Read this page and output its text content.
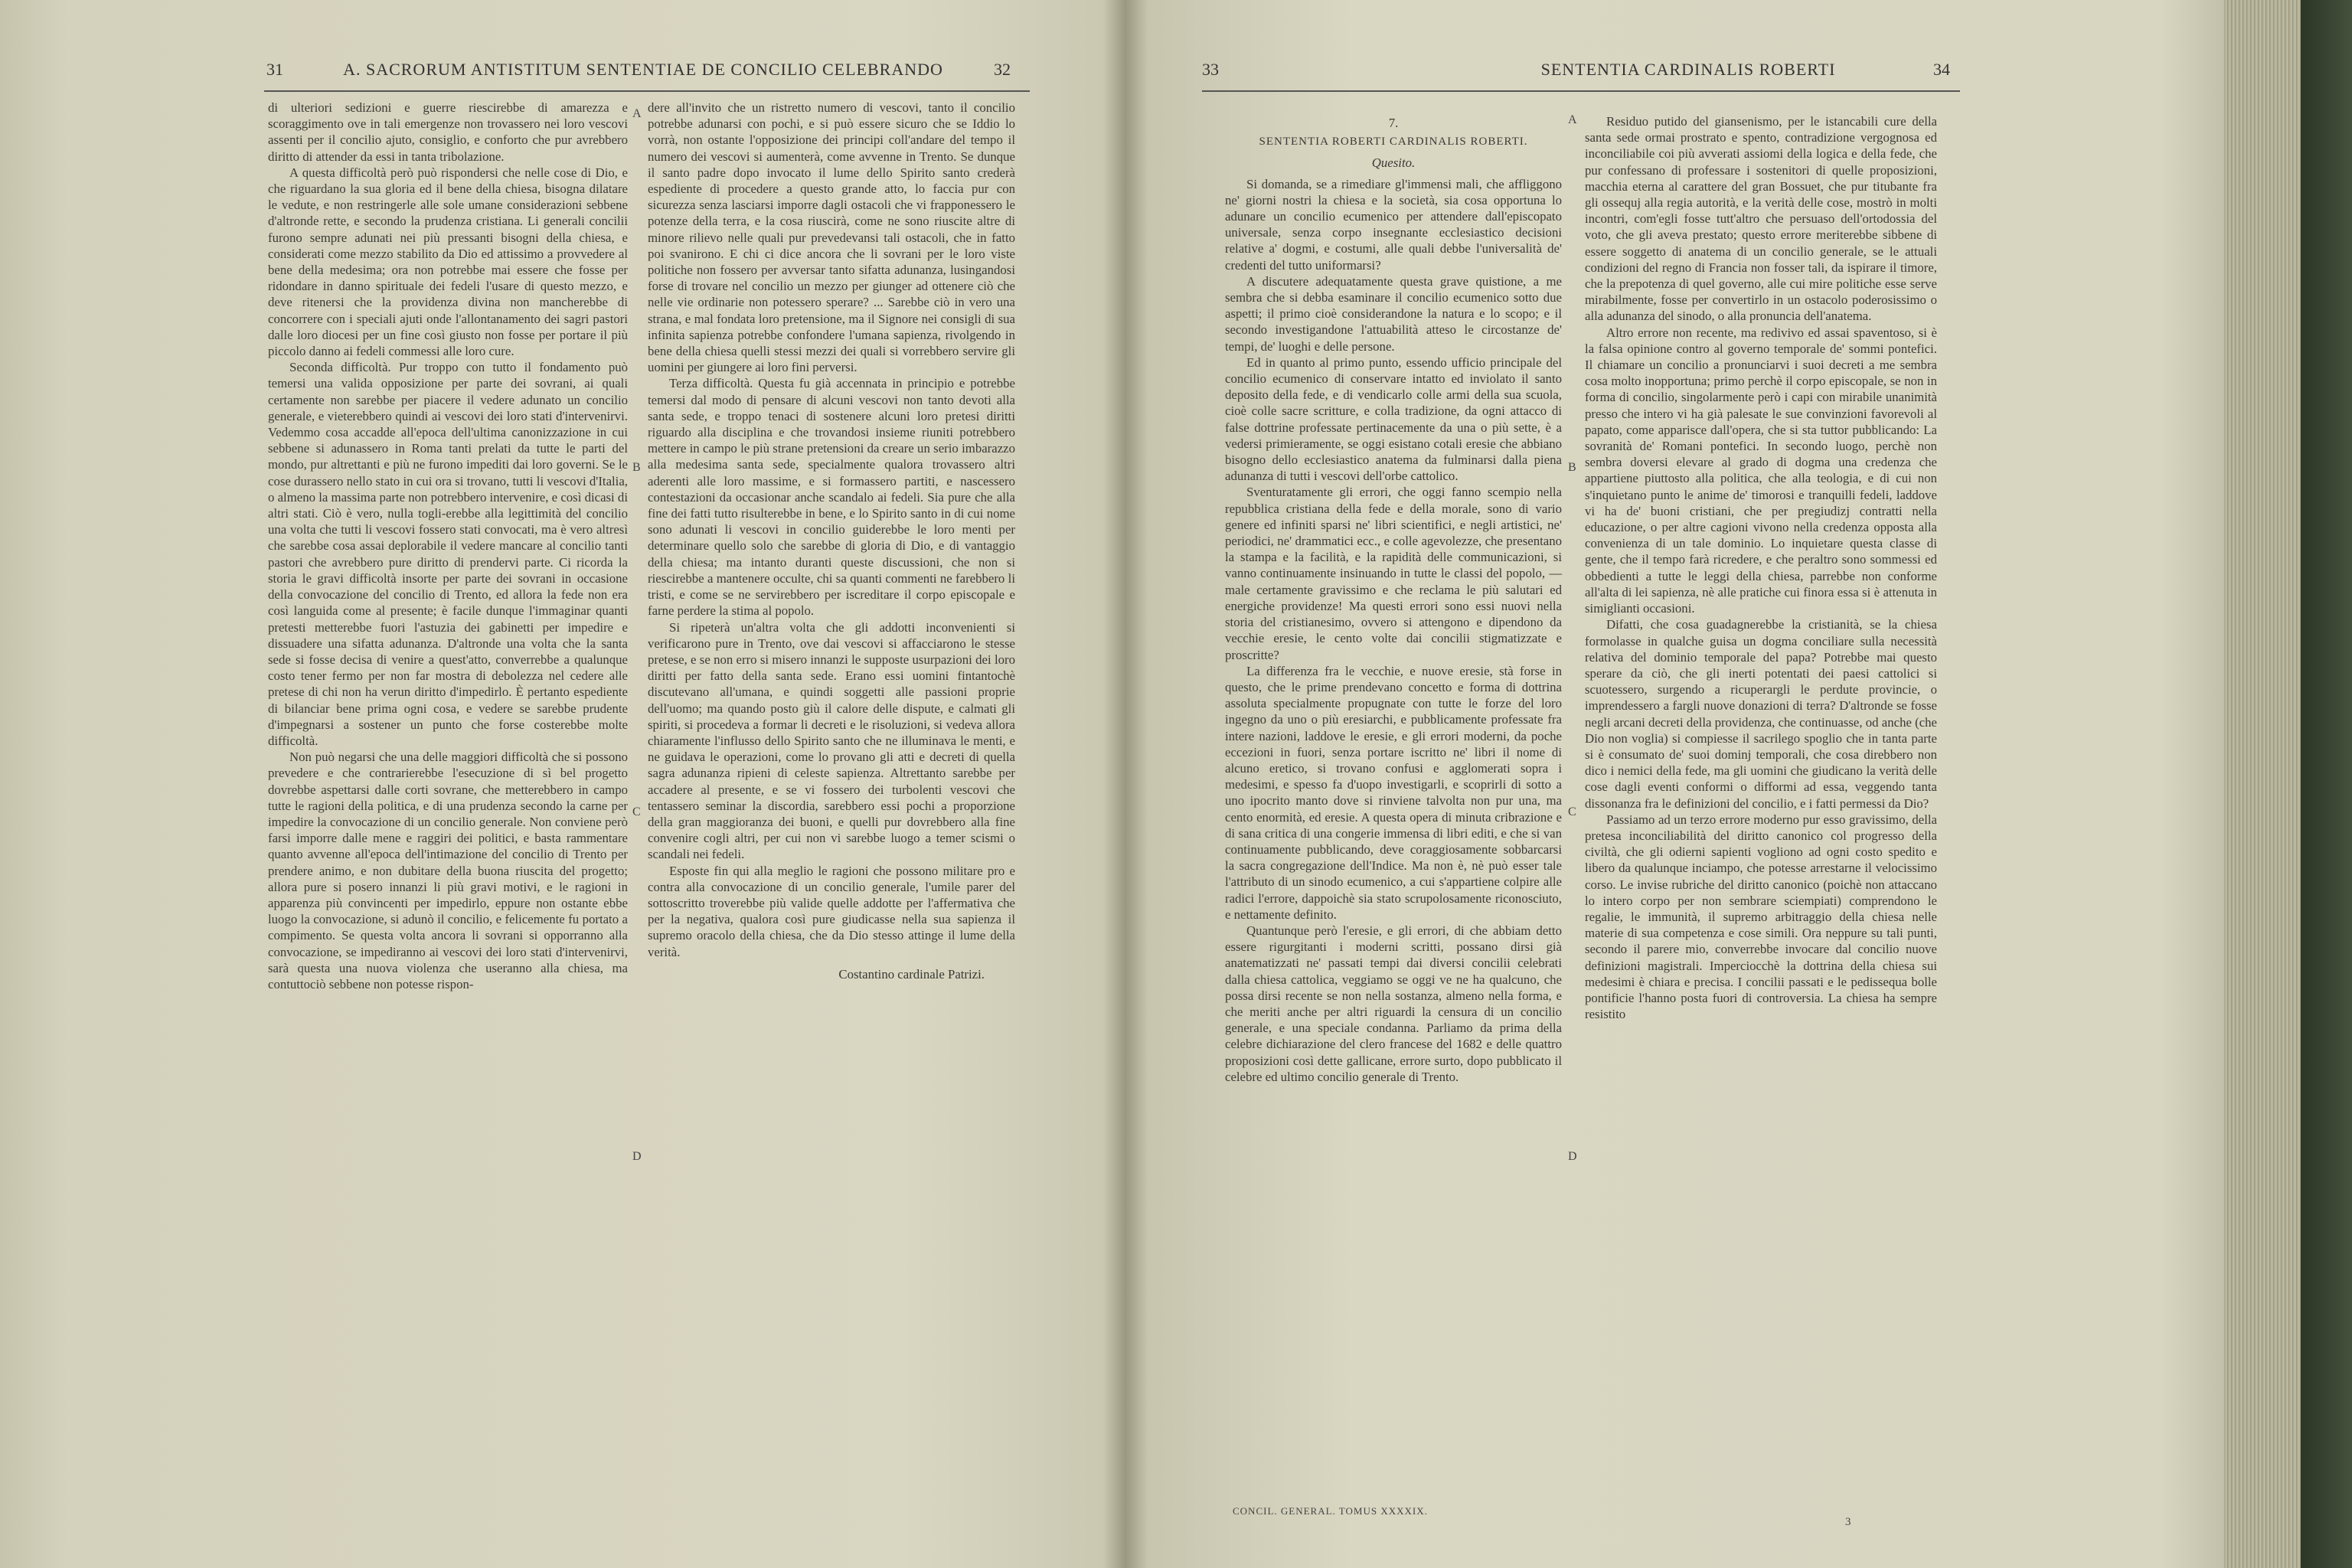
31	A. SACRORUM ANTISTITUM SENTENTIAE DE CONCILIO CELEBRANDO	32

di ulteriori sedizioni e guerre riescirebbe di amarezza e scoraggimento ove in tali emergenze non trovassero nei loro vescovi assenti per il concilio ajuto, consiglio, e conforto che pur avrebbero diritto di attender da essi in tanta tribolazione.

A questa difficoltà però può rispondersi che nelle cose di Dio, e che riguardano la sua gloria ed il bene della chiesa, bisogna dilatare le vedute, e non restringerle alle sole umane considerazioni sebbene d'altronde rette, e secondo la prudenza cristiana. Li generali concilii furono sempre adunati nei più pressanti bisogni della chiesa, e considerati come mezzo stabilito da Dio ed attissimo a provvedere al bene della medesima; ora non potrebbe mai essere che fosse per ridondare in danno spirituale dei fedeli l'usare di questo mezzo, e deve ritenersi che la providenza divina non mancherebbe di concorrere con i speciali ajuti onde l'allontanamento dei sagri pastori dalle loro diocesi per un fine così giusto non fosse per portare il più piccolo danno ai fedeli commessi alle loro cure.

Seconda difficoltà. Pur troppo con tutto il fondamento può temersi una valida opposizione per parte dei sovrani, ai quali certamente non sarebbe per piacere il vedere adunato un concilio generale, e vieterebbero quindi ai vescovi dei loro stati d'intervenirvi. Vedemmo cosa accadde all'epoca dell'ultima canonizzazione in cui sebbene si adunassero in Roma tanti prelati da tutte le parti del mondo, pur altrettanti e più ne furono impediti dai loro governi. Se le cose durassero nello stato in cui ora si trovano, tutti li vescovi d'Italia, o almeno la massima parte non potrebbero intervenire, e così dicasi di altri stati. Ciò è vero, nulla togli-erebbe alla legittimità del concilio una volta che tutti li vescovi fossero stati convocati, ma è vero altresì che sarebbe cosa assai deplorabile il vedere mancare al concilio tanti pastori che avrebbero pure diritto di prendervi parte. Ci ricorda la storia le gravi difficoltà insorte per parte dei sovrani in occasione della convocazione del concilio di Trento, ed allora la fede non era così languida come al presente; è facile dunque l'immaginar quanti pretesti metterebbe fuori l'astuzia dei gabinetti per impedire e dissuadere una sifatta adunanza. D'altronde una volta che la santa sede si fosse decisa di venire a quest'atto, converrebbe a qualunque costo tener fermo per non far mostra di debolezza nel cedere alle pretese di chi non ha verun diritto d'impedirlo. È pertanto espediente di bilanciar bene prima ogni cosa, e vedere se sarebbe prudente d'impegnarsi a sostener un punto che forse costerebbe molte difficoltà.

Non può negarsi che una delle maggiori difficoltà che si possono prevedere e che contrarierebbe l'esecuzione di sì bel progetto dovrebbe aspettarsi dalle corti sovrane, che metterebbero in campo tutte le ragioni della politica, e di una prudenza secondo la carne per impedire la convocazione di un concilio generale. Non conviene però farsi imporre dalle mene e raggiri dei politici, e basta rammentare quanto avvenne all'epoca dell'intimazione del concilio di Trento per prendere animo, e non dubitare della buona riuscita del progetto; allora pure si posero innanzi li più gravi motivi, e le ragioni in apparenza più convincenti per impedirlo, eppure non ostante ebbe luogo la convocazione, si adunò il concilio, e felicemente fu portato a compimento. Se questa volta ancora li sovrani si opporranno alla convocazione, se impediranno ai vescovi dei loro stati d'intervenirvi, sarà questa una nuova violenza che useranno alla chiesa, ma contuttociò sebbene non potesse rispon-

A
B
C
D

dere all'invito che un ristretto numero di vescovi, tanto il concilio potrebbe adunarsi con pochi, e si può essere sicuro che se Iddio lo vorrà, non ostante l'opposizione dei principi coll'andare del tempo il numero dei vescovi si aumenterà, come avvenne in Trento. Se dunque il santo padre dopo invocato il lume dello Spirito santo crederà espediente di procedere a questo grande atto, lo faccia pur con sicurezza senza lasciarsi imporre dagli ostacoli che vi frapponessero le potenze della terra, e la cosa riuscirà, come ne sono riuscite altre di minore rilievo nelle quali pur prevedevansi tali ostacoli, che in fatto poi svanirono. E chi ci dice ancora che li sovrani per le loro viste politiche non fossero per avversar tanto sifatta adunanza, lusingandosi forse di trovare nel concilio un mezzo per giunger ad ottenere ciò che nelle vie ordinarie non potessero sperare? ... Sarebbe ciò in vero una strana, e mal fondata loro pretensione, ma il Signore nei consigli di sua infinita sapienza potrebbe confondere l'umana sapienza, rivolgendo in bene della chiesa quelli stessi mezzi dei quali si vorrebbero servire gli uomini per giungere ai loro fini perversi.

Terza difficoltà. Questa fu già accennata in principio e potrebbe temersi dal modo di pensare di alcuni vescovi non tanto devoti alla santa sede, e troppo tenaci di sostenere alcuni loro pretesi diritti riguardo alla disciplina e che trovandosi insieme riuniti potrebbero mettere in campo le più strane pretensioni da creare un serio imbarazzo alla medesima santa sede, specialmente qualora trovassero altri aderenti alle loro massime, e si formassero partiti, e nascessero contestazioni da occasionar anche scandalo ai fedeli. Sia pure che alla fine dei fatti tutto risulterebbe in bene, e lo Spirito santo in di cui nome sono adunati li vescovi in concilio guiderebbe le loro menti per determinare quello solo che sarebbe di gloria di Dio, e di vantaggio della chiesa; ma intanto duranti queste discussioni, che non si riescirebbe a mantenere occulte, chi sa quanti commenti ne farebbero li tristi, e come se ne servirebbero per iscreditare il corpo episcopale e farne perdere la stima al popolo.

Si ripeterà un'altra volta che gli addotti inconvenienti si verificarono pure in Trento, ove dai vescovi si affacciarono le stesse pretese, e se non erro si misero innanzi le supposte usurpazioni dei loro diritti per fatto della santa sede. Erano essi uomini fintantochè discutevano all'umana, e quindi soggetti alle passioni proprie dell'uomo; ma quando posto giù il calore delle dispute, e calmati gli spiriti, si procedeva a formar li decreti e le risoluzioni, si vedeva allora chiaramente l'influsso dello Spirito santo che ne illuminava le menti, e ne guidava le operazioni, come lo provano gli atti e decreti di quella sagra adunanza ripieni di celeste sapienza. Altrettanto sarebbe per accadere al presente, e se vi fossero dei turbolenti vescovi che tentassero seminar la discordia, sarebbero essi pochi a proporzione della gran maggioranza dei buoni, e quelli pur dovrebbero alla fine convenire cogli altri, per cui non vi sarebbe luogo a temer scismi o scandali nei fedeli.

Esposte fin qui alla meglio le ragioni che possono militare pro e contra alla convocazione di un concilio generale, l'umile parer del sottoscritto troverebbe più valide quelle addotte per l'affermativa che per la negativa, qualora così pure giudicasse nella sua sapienza il supremo oracolo della chiesa, che da Dio stesso attinge il lume della verità.

Costantino cardinale Patrizi.

33	SENTENTIA CARDINALIS ROBERTI	34

7.

SENTENTIA ROBERTI CARDINALIS ROBERTI.

Quesito.

Si domanda, se a rimediare gl'immensi mali, che affliggono ne' giorni nostri la chiesa e la società, sia cosa opportuna lo adunare un concilio ecumenico per attendere dall'episcopato universale, senza corpo insegnante ecclesiastico decisioni relative a' dogmi, e costumi, alle quali debbe l'universalità de' credenti del tutto uniformarsi?

A discutere adequatamente questa grave quistione, a me sembra che si debba esaminare il concilio ecumenico sotto due aspetti; il primo cioè considerandone la natura e lo scopo; e il secondo investigandone l'attuabilità atteso le circostanze de' tempi, de' luoghi e delle persone.

Ed in quanto al primo punto, essendo ufficio principale del concilio ecumenico di conservare intatto ed inviolato il santo deposito della fede, e di vendicarlo colle armi della sua scuola, cioè colle sacre scritture, e colla tradizione, da ogni attacco di false dottrine professate pertinacemente da una o più sette, è a vedersi primieramente, se oggi esistano cotali eresie che abbiano bisogno dello ecclesiastico anatema da fulminarsi dalla piena adunanza di tutti i vescovi dell'orbe cattolico.

Sventuratamente gli errori, che oggi fanno scempio nella repubblica cristiana della fede e della morale, sono di vario genere ed infiniti sparsi ne' libri scientifici, e negli artistici, ne' periodici, ne' drammatici ecc., e colle agevolezze, che presentano la stampa e la facilità, e la rapidità delle communicazioni, si vanno continuamente insinuando in tutte le classi del popolo, — male certamente gravissimo e che reclama le più salutari ed energiche providenze! Ma questi errori sono essi nuovi nella storia del cristianesimo, ovvero si attengono e dipendono da vecchie eresie, le cento volte dai concilii stigmatizzate e proscritte?

La differenza fra le vecchie, e nuove eresie, stà forse in questo, che le prime prendevano concetto e forma di dottrina assoluta specialmente propugnate con tutte le forze del loro ingegno da uno o più eresiarchi, e pubblicamente professate fra intere nazioni, laddove le eresie, e gli errori moderni, da poche eccezioni in fuori, senza portare iscritto ne' libri il nome di alcuno eretico, si trovano confusi e agglomerati sopra i medesimi, e spesso fa d'uopo investigarli, e scoprirli di sotto a uno ipocrito manto dove si rinviene talvolta non pur una, ma cento enormità, ed eresie. A questa opera di minuta cribrazione e di sana critica di una congerie immensa di libri editi, e che si van continuamente pubblicando, deve coraggiosamente sobbarcarsi la sacra congregazione dell'Indice. Ma non è, nè può esser tale l'attributo di un sinodo ecumenico, a cui s'appartiene colpire alle radici l'errore, dappoichè sia stato scrupolosamente riconosciuto, e nettamente definito.

Quantunque però l'eresie, e gli errori, di che abbiam detto essere rigurgitanti i moderni scritti, possano dirsi già anatematizzati ne' passati tempi dai diversi concilii celebrati dalla chiesa cattolica, veggiamo se oggi ve ne ha qualcuno, che possa dirsi recente se non nella sostanza, almeno nella forma, e che meriti anche per altri riguardi la censura di un concilio generale, e una speciale condanna. Parliamo da prima della celebre dichiarazione del clero francese del 1682 e delle quattro proposizioni così dette gallicane, errore surto, dopo pubblicato il celebre ed ultimo concilio generale di Trento.

A
B
C
D

Residuo putido del giansenismo, per le istancabili cure della santa sede ormai prostrato e spento, contradizione vergognosa ed inconciliabile coi più avverati assiomi della logica e della fede, che pur confessano di professare i sostenitori di quelle proposizioni, macchia eterna al carattere del gran Bossuet, che pur titubante fra gli ossequj alla regia autorità, e la verità delle cose, mostrò in molti incontri, com'egli fosse tutt'altro che persuaso dell'ortodossia del voto, che gli aveva prestato; questo errore meriterebbe sibbene di essere soggetto di anatema di un concilio generale, se le attuali condizioni del regno di Francia non fosser tali, da ispirare il timore, che la prepotenza di quel governo, alle cui mire politiche esse serve mirabilmente, fosse per convertirlo in un ostacolo poderosissimo o alla adunanza del sinodo, o alla pronuncia dell'anatema.

Altro errore non recente, ma redivivo ed assai spaventoso, si è la falsa opinione contro al governo temporale de' sommi pontefici. Il chiamare un concilio a pronunciarvi i suoi decreti a me sembra cosa molto inopportuna; primo perchè il corpo episcopale, se non in forma di concilio, singolarmente però i capi con mirabile unanimità presso che intero vi ha già palesate le sue convinzioni favorevoli al papato, come apparisce dall'opera, che si sta tuttor pubblicando: La sovranità de' Romani pontefici. In secondo luogo, perchè non sembra doversi elevare al grado di dogma una credenza che appartiene piuttosto alla politica, che alla teologia, e di cui non s'inquietano punto le anime de' timorosi e tranquilli fedeli, laddove vi ha de' buoni cristiani, che per pregiudizj contratti nella educazione, o per altre cagioni vivono nella credenza opposta alla convenienza di un tale dominio. Lo inquietare questa classe di gente, che il tempo farà ricredere, e che peraltro sono sommessi ed obbedienti a tutte le leggi della chiesa, parrebbe non conforme all'alta di lei sapienza, nè alle pratiche cui finora essa si è attenuta in simiglianti occasioni.

Difatti, che cosa guadagnerebbe la cristianità, se la chiesa formolasse in qualche guisa un dogma conciliare sulla necessità relativa del dominio temporale del papa? Potrebbe mai questo sperare da ciò, che gli inerti potentati dei paesi cattolici si scuotessero, surgendo a ricuperargli le perdute provincie, o imprendessero a fargli nuove donazioni di terra? D'altronde se fosse negli arcani decreti della providenza, che continuasse, od anche (che Dio non voglia) si compiesse il sacrilego spoglio che in tanta parte si è consumato de' suoi dominj temporali, che cosa direbbero non dico i nemici della fede, ma gli uomini che giudicano la verità delle cose dagli eventi conformi o difformi ad essa, veggendo tanta dissonanza fra le definizioni del concilio, e i fatti permessi da Dio?

Passiamo ad un terzo errore moderno pur esso gravissimo, della pretesa inconciliabilità del diritto canonico col progresso della civiltà, che gli odierni sapienti vogliono ad ogni costo spedito e libero da qualunque inciampo, che potesse arrestarne il velocissimo corso. Le invise rubriche del diritto canonico (poichè non attaccano lo intero corpo per non sembrare sciempiati) comprendono le regalie, le immunità, il supremo arbitraggio della chiesa nelle materie di sua competenza e cose simili. Ora neppure su tali punti, secondo il parere mio, converrebbe invocare dal concilio nuove definizioni magistrali. Imperciocchè la dottrina della chiesa sui medesimi è chiara e precisa. I concilii passati e le pedissequa bolle pontificie l'hanno posta fuori di controversia. La chiesa ha sempre resistito

CONCIL. GENERAL. TOMUS XXXXIX.
3
